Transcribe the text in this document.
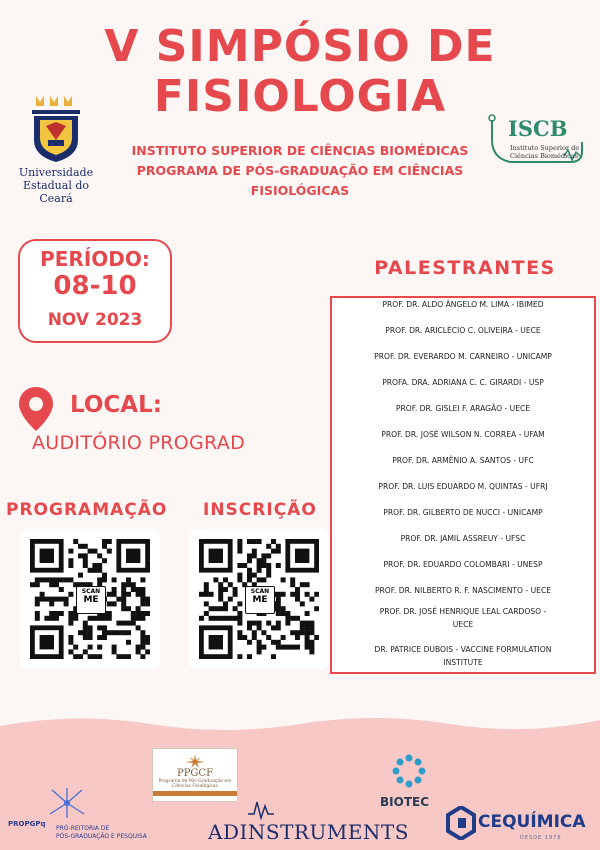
V SIMPÓSIO DE
FISIOLOGIA
Universidade
Estadual do Ceará
INSTITUTO SUPERIOR DE CIÊNCIAS BIOMÉDICAS
PROGRAMA DE PÓS-GRADUAÇÃO EM CIÊNCIAS
FISIOLÓGICAS
ISCB
Instituto Superior de
Ciências Biomédicas
PERÍODO:
08-10
NOV 2023
LOCAL:
AUDITÓRIO PROGRAD
PROGRAMAÇÃO INSCRIÇÃO
SCAN
ME
SCAN
ME
PALESTRANTES
PROF. DR. ALDO ÂNGELO M. LIMA - IBIMED
PROF. DR. ARICLÉCIO C. OLIVEIRA - UECE
PROF. DR. EVERARDO M. CARNEIRO - UNICAMP
PROFA. DRA. ADRIANA C. C. GIRARDI - USP
PROF. DR. GISLEI F. ARAGÃO - UECE
PROF. DR. JOSÉ WILSON N. CORREA - UFAM
PROF. DR. ARMÊNIO A. SANTOS - UFC
PROF. DR. LUIS EDUARDO M. QUINTAS - UFRJ
PROF. DR. GILBERTO DE NUCCI - UNICAMP
PROF. DR. JAMIL ASSREUY - UFSC
PROF. DR. EDUARDO COLOMBARI - UNESP
PROF. DR. NILBERTO R. F. NASCIMENTO - UECE
PROF. DR. JOSÉ HENRIQUE LEAL CARDOSO -
UECE
DR. PATRICE DUBOIS - VACCINE FORMULATION
INSTITUTE
PROPGPq
PRÓ-REITORIA DE
PÓS-GRADUAÇÃO E PESQUISA
PPGCF
Programa de Pós-Graduação em
Ciências Fisiológicas
BIOTEC
ADINSTRUMENTS	CEQUÍMICA
DESDE 1978
